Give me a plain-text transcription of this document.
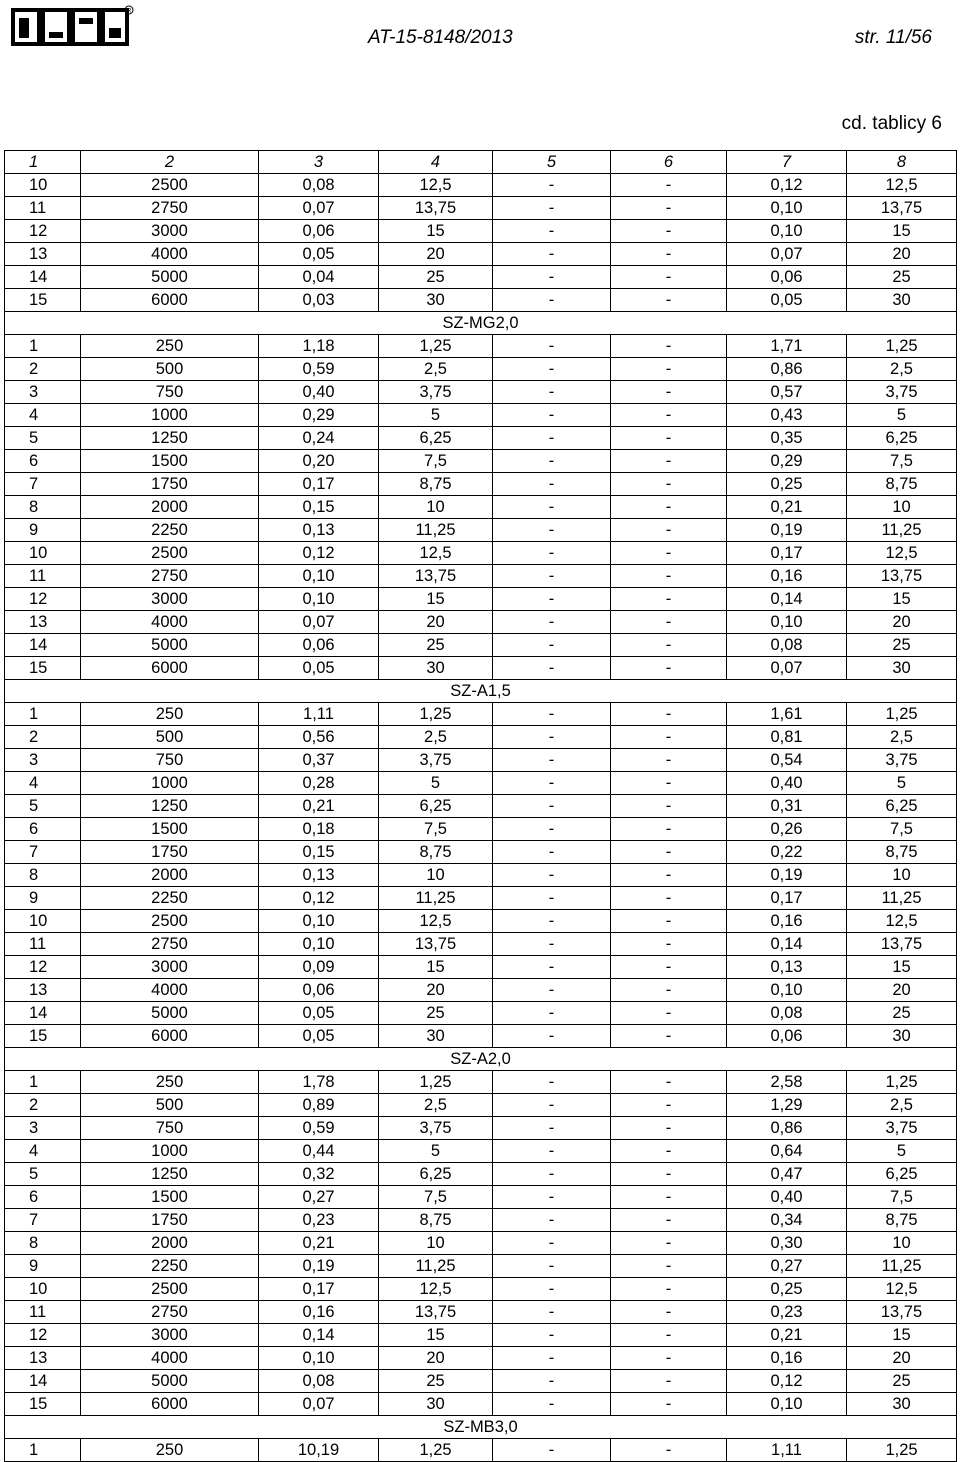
R
AT-15-8148/2013	str. 11/56
cd. tablicy 6
1	2	3	4	5	6	7	8
10	2500	0,08	12,5	-	-	0,12	12,5
11	2750	0,07	13,75	-	-	0,10	13,75
12	3000	0,06	15	-	-	0,10	15
13	4000	0,05	20	-	-	0,07	20
14	5000	0,04	25	-	-	0,06	25
15	6000	0,03	30	-	-	0,05	30
SZ-MG2,0							
1	250	1,18	1,25	-	-	1,71	1,25
2	500	0,59	2,5	-	-	0,86	2,5
3	750	0,40	3,75	-	-	0,57	3,75
4	1000	0,29	5	-	-	0,43	5
5	1250	0,24	6,25	-	-	0,35	6,25
6	1500	0,20	7,5	-	-	0,29	7,5
7	1750	0,17	8,75	-	-	0,25	8,75
8	2000	0,15	10	-	-	0,21	10
9	2250	0,13	11,25	-	-	0,19	11,25
10	2500	0,12	12,5	-	-	0,17	12,5
11	2750	0,10	13,75	-	-	0,16	13,75
12	3000	0,10	15	-	-	0,14	15
13	4000	0,07	20	-	-	0,10	20
14	5000	0,06	25	-	-	0,08	25
15	6000	0,05	30	-	-	0,07	30
SZ-A1,5							
1	250	1,11	1,25	-	-	1,61	1,25
2	500	0,56	2,5	-	-	0,81	2,5
3	750	0,37	3,75	-	-	0,54	3,75
4	1000	0,28	5	-	-	0,40	5
5	1250	0,21	6,25	-	-	0,31	6,25
6	1500	0,18	7,5	-	-	0,26	7,5
7	1750	0,15	8,75	-	-	0,22	8,75
8	2000	0,13	10	-	-	0,19	10
9	2250	0,12	11,25	-	-	0,17	11,25
10	2500	0,10	12,5	-	-	0,16	12,5
11	2750	0,10	13,75	-	-	0,14	13,75
12	3000	0,09	15	-	-	0,13	15
13	4000	0,06	20	-	-	0,10	20
14	5000	0,05	25	-	-	0,08	25
15	6000	0,05	30	-	-	0,06	30
SZ-A2,0							
1	250	1,78	1,25	-	-	2,58	1,25
2	500	0,89	2,5	-	-	1,29	2,5
3	750	0,59	3,75	-	-	0,86	3,75
4	1000	0,44	5	-	-	0,64	5
5	1250	0,32	6,25	-	-	0,47	6,25
6	1500	0,27	7,5	-	-	0,40	7,5
7	1750	0,23	8,75	-	-	0,34	8,75
8	2000	0,21	10	-	-	0,30	10
9	2250	0,19	11,25	-	-	0,27	11,25
10	2500	0,17	12,5	-	-	0,25	12,5
11	2750	0,16	13,75	-	-	0,23	13,75
12	3000	0,14	15	-	-	0,21	15
13	4000	0,10	20	-	-	0,16	20
14	5000	0,08	25	-	-	0,12	25
15	6000	0,07	30	-	-	0,10	30
SZ-MB3,0							
1	250	10,19	1,25	-	-	1,11	1,25
